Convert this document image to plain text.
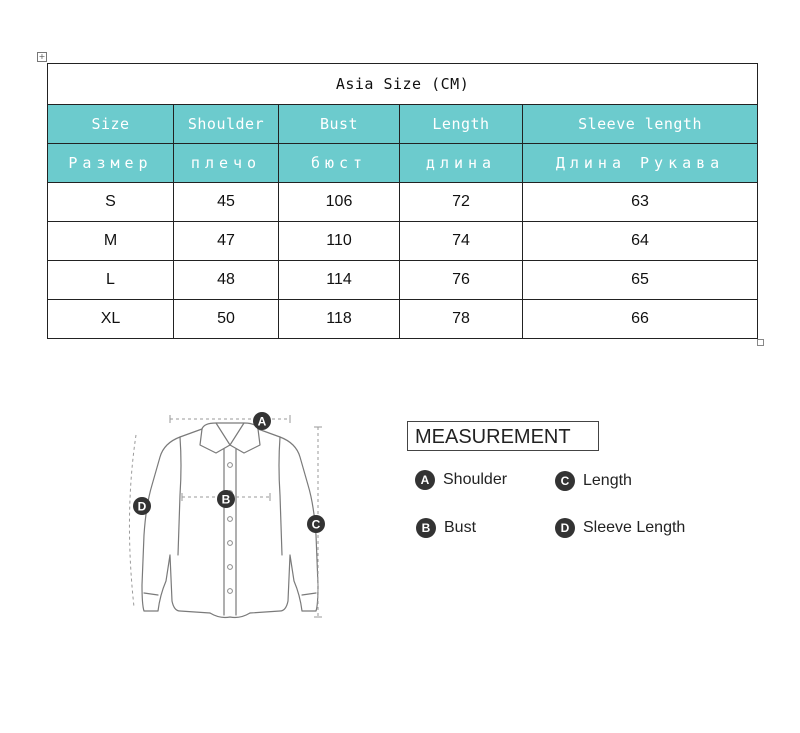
+
Asia Size (CM)				
Size	Shoulder	Bust	Length	Sleeve length
Размер	плечо	бюст	длина	Длина Рукава
S	45	106	72	63
M	47	110	74	64
L	48	114	76	65
XL	50	118	78	66
A
B
C
D
MEASUREMENT
A Shoulder	C Length
B Bust	D Sleeve Length
